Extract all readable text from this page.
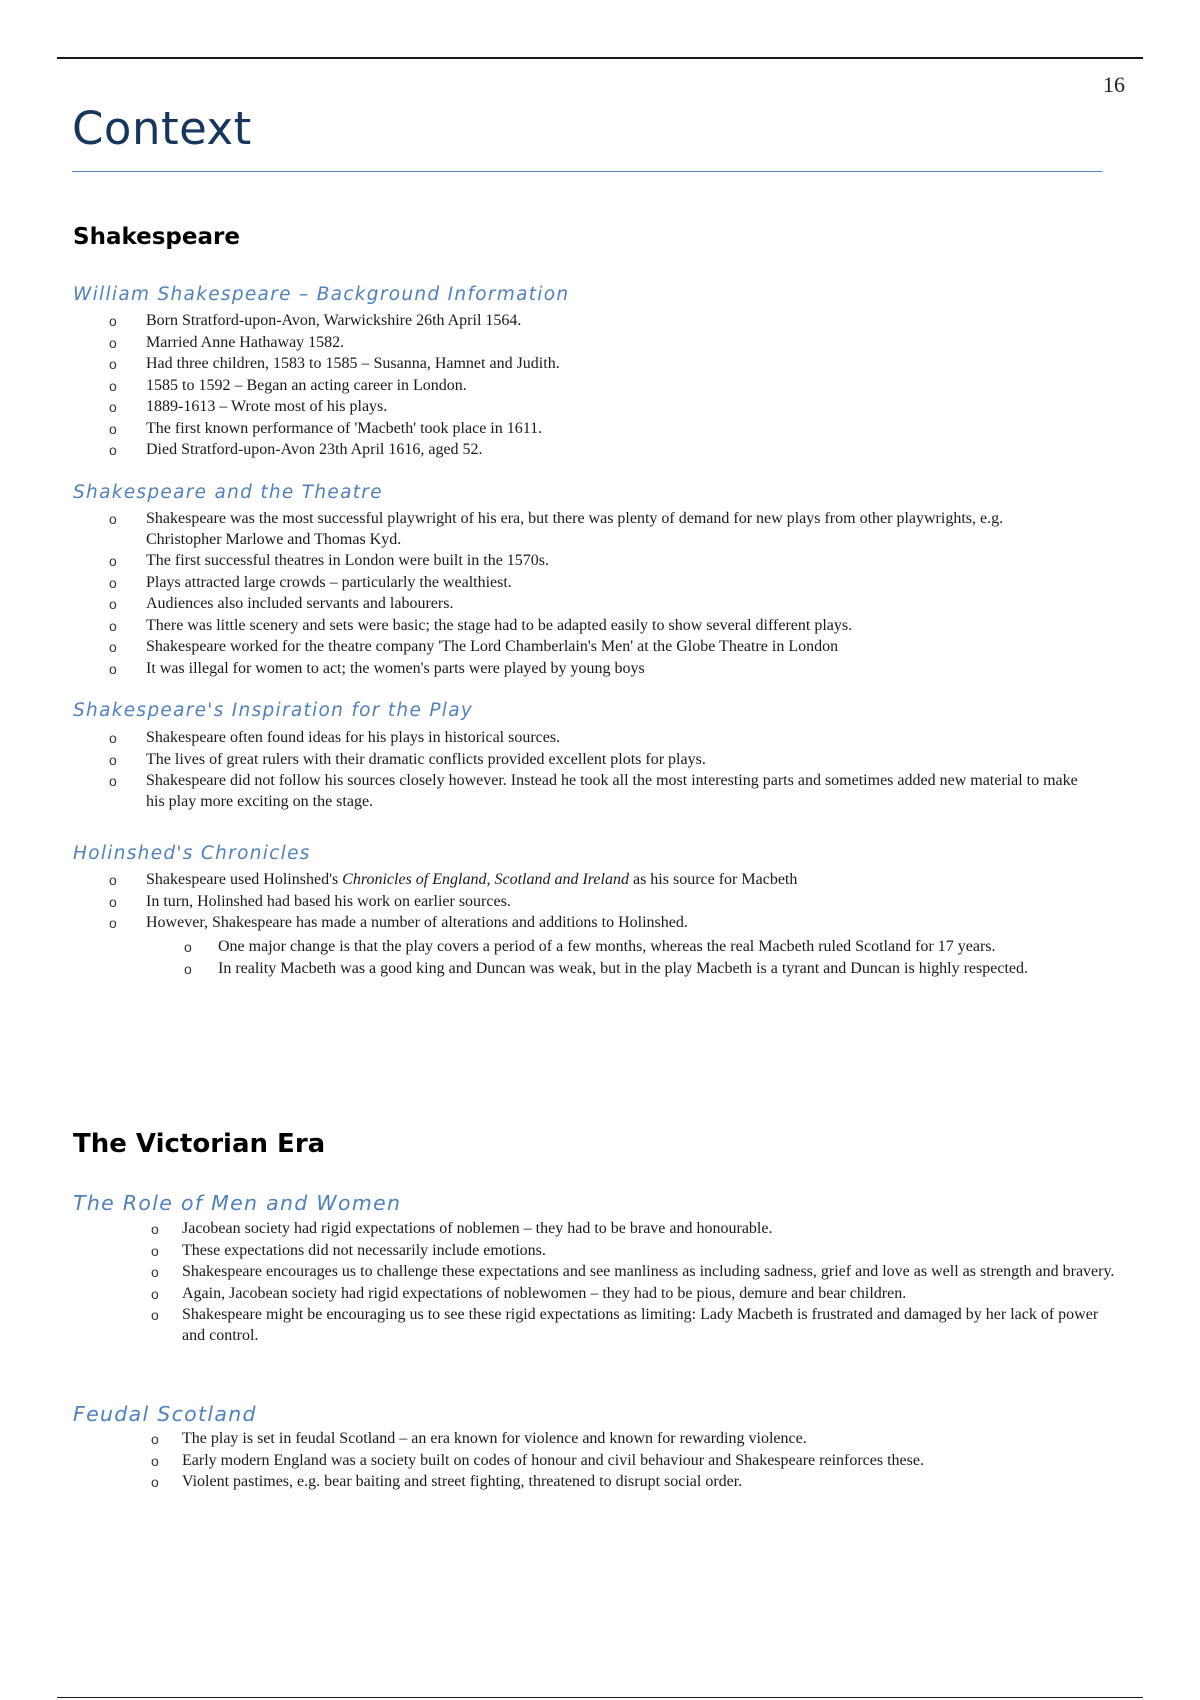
16
Context
Shakespeare
William Shakespeare – Background Information
o Born Stratford-upon-Avon, Warwickshire 26th April 1564.
o Married Anne Hathaway 1582.
o Had three children, 1583 to 1585 – Susanna, Hamnet and Judith.
o 1585 to 1592 – Began an acting career in London.
o 1889-1613 – Wrote most of his plays.
o The first known performance of 'Macbeth' took place in 1611.
o Died Stratford-upon-Avon 23th April 1616, aged 52.
Shakespeare and the Theatre
o Shakespeare was the most successful playwright of his era, but there was plenty of demand for new plays from other playwrights, e.g. Christopher Marlowe and Thomas Kyd.
o The first successful theatres in London were built in the 1570s.
o Plays attracted large crowds – particularly the wealthiest.
o Audiences also included servants and labourers.
o There was little scenery and sets were basic; the stage had to be adapted easily to show several different plays.
o Shakespeare worked for the theatre company 'The Lord Chamberlain's Men' at the Globe Theatre in London
o It was illegal for women to act; the women's parts were played by young boys
Shakespeare's Inspiration for the Play
o Shakespeare often found ideas for his plays in historical sources.
o The lives of great rulers with their dramatic conflicts provided excellent plots for plays.
o Shakespeare did not follow his sources closely however. Instead he took all the most interesting parts and sometimes added new material to make his play more exciting on the stage.
Holinshed's Chronicles
o Shakespeare used Holinshed's Chronicles of England, Scotland and Ireland as his source for Macbeth
o In turn, Holinshed had based his work on earlier sources.
o However, Shakespeare has made a number of alterations and additions to Holinshed.
o One major change is that the play covers a period of a few months, whereas the real Macbeth ruled Scotland for 17 years.
o In reality Macbeth was a good king and Duncan was weak, but in the play Macbeth is a tyrant and Duncan is highly respected.
The Victorian Era
The Role of Men and Women
o Jacobean society had rigid expectations of noblemen – they had to be brave and honourable.
o These expectations did not necessarily include emotions.
o Shakespeare encourages us to challenge these expectations and see manliness as including sadness, grief and love as well as strength and bravery.
o Again, Jacobean society had rigid expectations of noblewomen – they had to be pious, demure and bear children.
o Shakespeare might be encouraging us to see these rigid expectations as limiting: Lady Macbeth is frustrated and damaged by her lack of power and control.
Feudal Scotland
o The play is set in feudal Scotland – an era known for violence and known for rewarding violence.
o Early modern England was a society built on codes of honour and civil behaviour and Shakespeare reinforces these.
o Violent pastimes, e.g. bear baiting and street fighting, threatened to disrupt social order.
